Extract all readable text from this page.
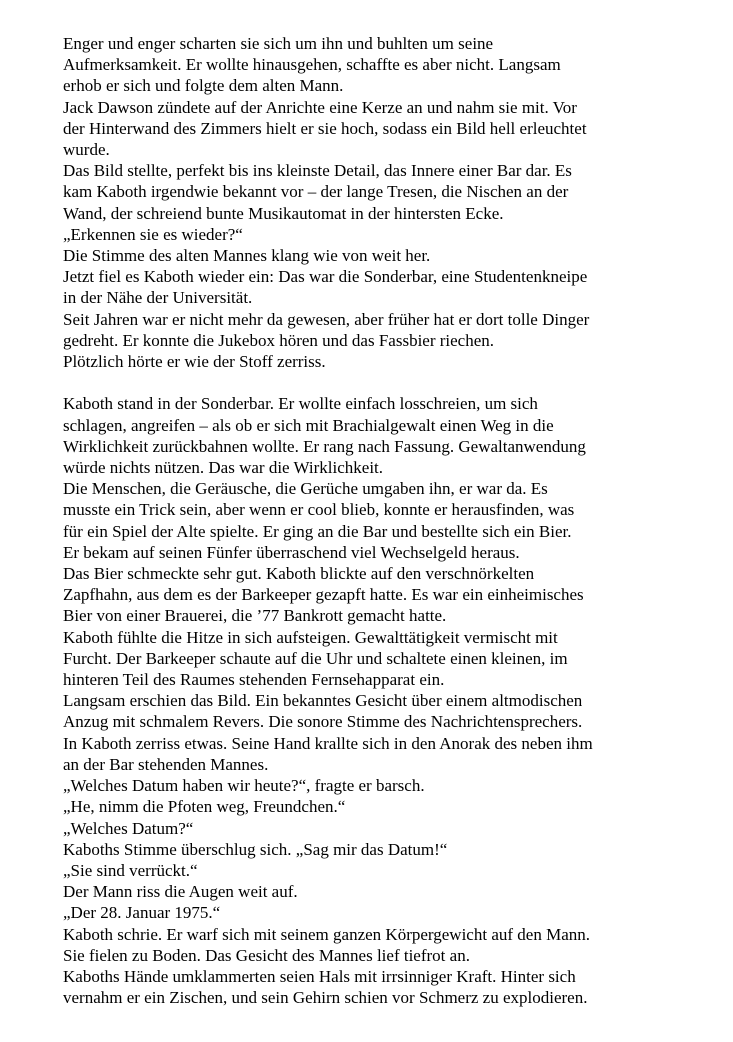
Enger und enger scharten sie sich um ihn und buhlten um seine
Aufmerksamkeit. Er wollte hinausgehen, schaffte es aber nicht. Langsam
erhob er sich und folgte dem alten Mann.
Jack Dawson zündete auf der Anrichte eine Kerze an und nahm sie mit. Vor
der Hinterwand des Zimmers hielt er sie hoch, sodass ein Bild hell erleuchtet
wurde.
Das Bild stellte, perfekt bis ins kleinste Detail, das Innere einer Bar dar. Es
kam Kaboth irgendwie bekannt vor – der lange Tresen, die Nischen an der
Wand, der schreiend bunte Musikautomat in der hintersten Ecke.
„Erkennen sie es wieder?“
Die Stimme des alten Mannes klang wie von weit her.
Jetzt fiel es Kaboth wieder ein: Das war die Sonderbar, eine Studentenkneipe
in der Nähe der Universität.
Seit Jahren war er nicht mehr da gewesen, aber früher hat er dort tolle Dinger
gedreht. Er konnte die Jukebox hören und das Fassbier riechen.
Plötzlich hörte er wie der Stoff zerriss.
Kaboth stand in der Sonderbar. Er wollte einfach losschreien, um sich
schlagen, angreifen – als ob er sich mit Brachialgewalt einen Weg in die
Wirklichkeit zurückbahnen wollte. Er rang nach Fassung. Gewaltanwendung
würde nichts nützen. Das war die Wirklichkeit.
Die Menschen, die Geräusche, die Gerüche umgaben ihn, er war da. Es
musste ein Trick sein, aber wenn er cool blieb, konnte er herausfinden, was
für ein Spiel der Alte spielte. Er ging an die Bar und bestellte sich ein Bier.
Er bekam auf seinen Fünfer überraschend viel Wechselgeld heraus.
Das Bier schmeckte sehr gut. Kaboth blickte auf den verschnörkelten
Zapfhahn, aus dem es der Barkeeper gezapft hatte. Es war ein einheimisches
Bier von einer Brauerei, die ’77 Bankrott gemacht hatte.
Kaboth fühlte die Hitze in sich aufsteigen. Gewalttätigkeit vermischt mit
Furcht. Der Barkeeper schaute auf die Uhr und schaltete einen kleinen, im
hinteren Teil des Raumes stehenden Fernsehapparat ein.
Langsam erschien das Bild. Ein bekanntes Gesicht über einem altmodischen
Anzug mit schmalem Revers. Die sonore Stimme des Nachrichtensprechers.
In Kaboth zerriss etwas. Seine Hand krallte sich in den Anorak des neben ihm
an der Bar stehenden Mannes.
„Welches Datum haben wir heute?“, fragte er barsch.
„He, nimm die Pfoten weg, Freundchen.“
„Welches Datum?“
Kaboths Stimme überschlug sich. „Sag mir das Datum!“
„Sie sind verrückt.“
Der Mann riss die Augen weit auf.
„Der 28. Januar 1975.“
Kaboth schrie. Er warf sich mit seinem ganzen Körpergewicht auf den Mann.
Sie fielen zu Boden. Das Gesicht des Mannes lief tiefrot an.
Kaboths Hände umklammerten seien Hals mit irrsinniger Kraft. Hinter sich
vernahm er ein Zischen, und sein Gehirn schien vor Schmerz zu explodieren.
